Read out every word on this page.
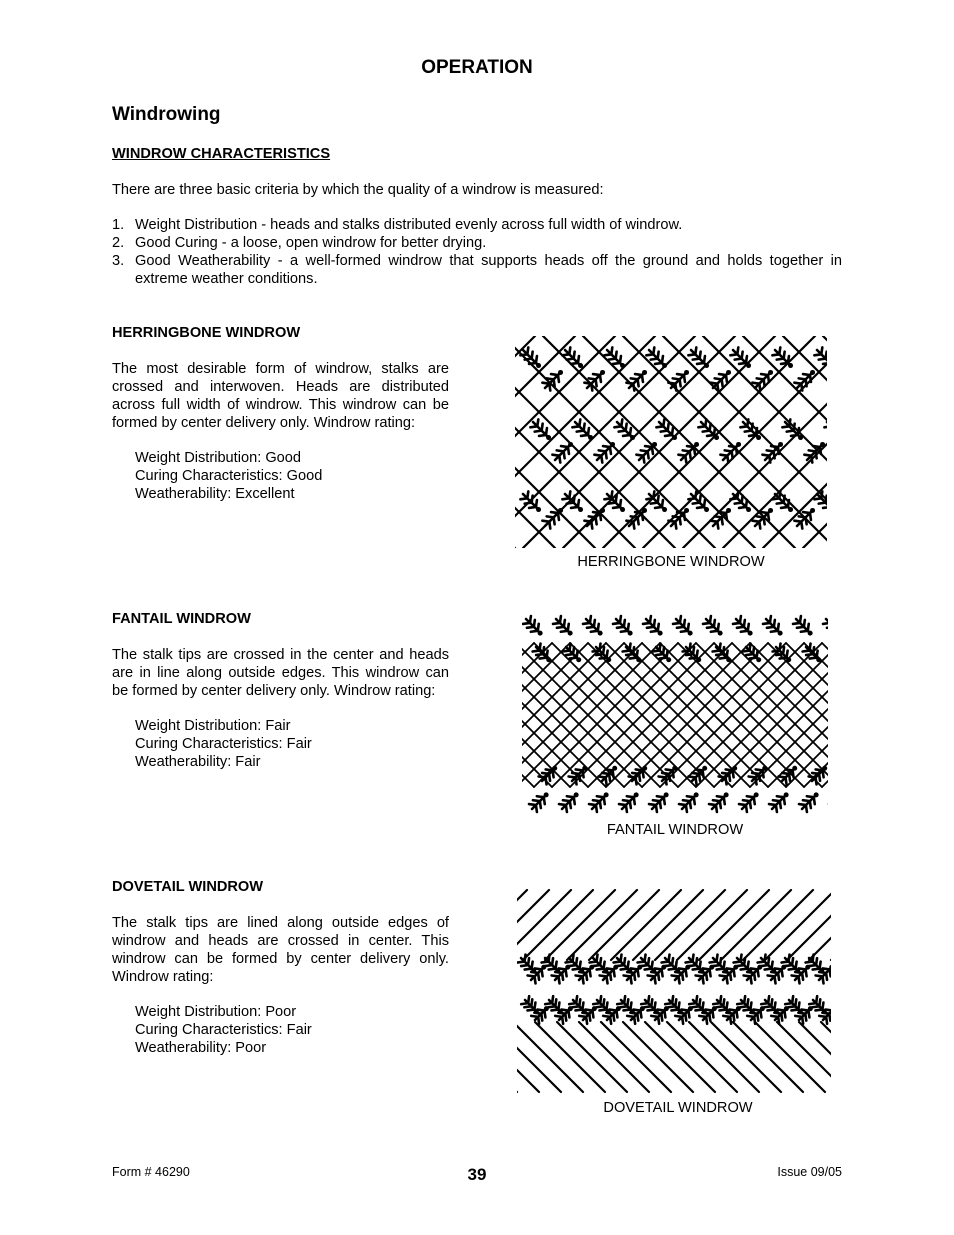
OPERATION
Windrowing
WINDROW CHARACTERISTICS
There are three basic criteria by which the quality of a windrow is measured:
1. Weight Distribution - heads and stalks distributed evenly across full width of windrow.
2. Good Curing - a loose, open windrow for better drying.
3. Good Weatherability - a well-formed windrow that supports heads off the ground and holds together in extreme weather conditions.
HERRINGBONE WINDROW
The most desirable form of windrow, stalks are crossed and interwoven. Heads are distributed across full width of windrow. This windrow can be formed by center delivery only. Windrow rating:
Weight Distribution: Good
Curing Characteristics: Good
Weatherability: Excellent
HERRINGBONE WINDROW
FANTAIL WINDROW
The stalk tips are crossed in the center and heads are in line along outside edges. This windrow can be formed by center delivery only. Windrow rating:
Weight Distribution: Fair
Curing Characteristics: Fair
Weatherability: Fair
FANTAIL WINDROW
DOVETAIL WINDROW
The stalk tips are lined along outside edges of windrow and heads are crossed in center. This windrow can be formed by center delivery only. Windrow rating:
Weight Distribution: Poor
Curing Characteristics: Fair
Weatherability: Poor
DOVETAIL WINDROW
Form # 46290	39	Issue 09/05
